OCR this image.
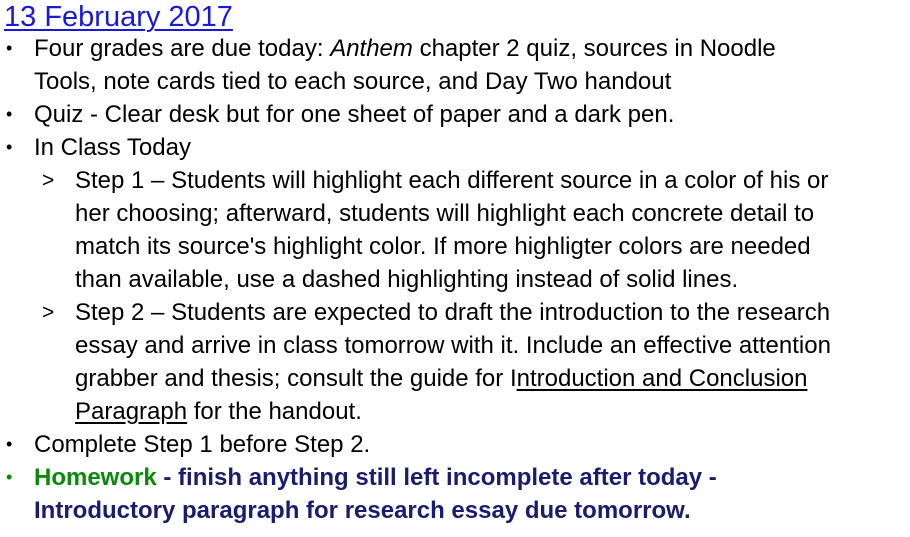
13 February 2017
• Four grades are due today: Anthem chapter 2 quiz, sources in Noodle
Tools, note cards tied to each source, and Day Two handout
• Quiz - Clear desk but for one sheet of paper and a dark pen.
• In Class Today
> Step 1 – Students will highlight each different source in a color of his or
her choosing; afterward, students will highlight each concrete detail to
match its source's highlight color. If more highligter colors are needed
than available, use a dashed highlighting instead of solid lines.
> Step 2 – Students are expected to draft the introduction to the research
essay and arrive in class tomorrow with it. Include an effective attention
grabber and thesis; consult the guide for Introduction and Conclusion
Paragraph for the handout.
• Complete Step 1 before Step 2.
• Homework - finish anything still left incomplete after today -
Introductory paragraph for research essay due tomorrow.
